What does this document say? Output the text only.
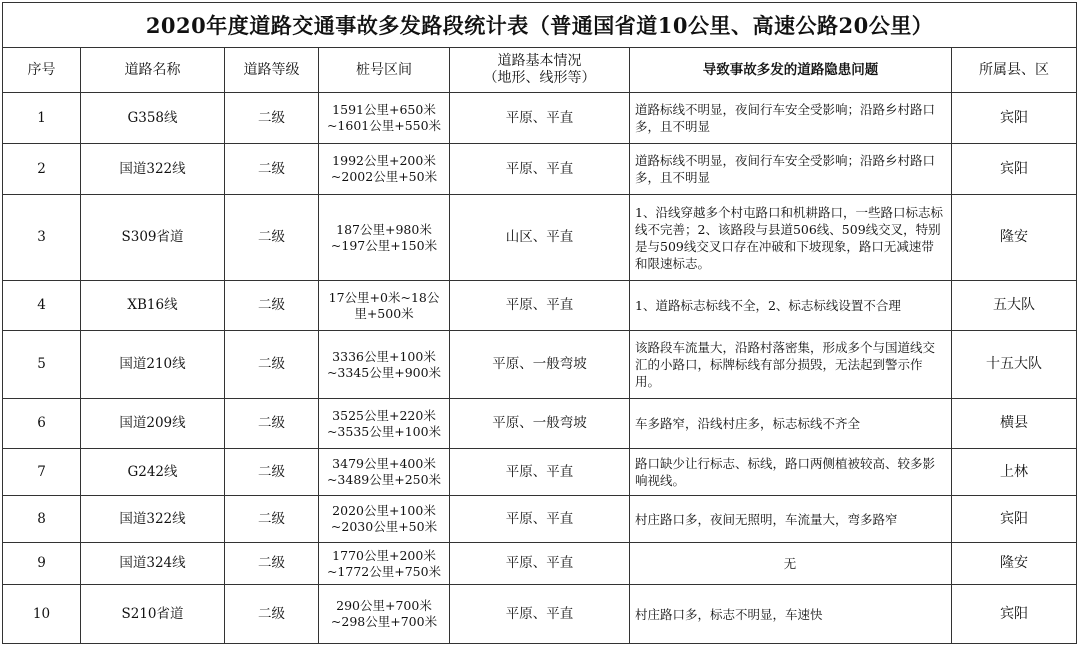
2020年度道路交通事故多发路段统计表（普通国省道10公里、高速公路20公里）						
序号	道路名称	道路等级	桩号区间	道路基本情况
（地形、线形等）	导致事故多发的道路隐患问题	所属县、区
1	G358线	二级	1591公里+650米
~1601公里+550米	平原、平直	道路标线不明显，夜间行车安全受影响；沿路乡村路口多，且不明显	宾阳
2	国道322线	二级	1992公里+200米
~2002公里+50米	平原、平直	道路标线不明显，夜间行车安全受影响；沿路乡村路口多，且不明显	宾阳
3	S309省道	二级	187公里+980米
~197公里+150米	山区、平直	1、沿线穿越多个村屯路口和机耕路口，一些路口标志标线不完善；2、该路段与县道506线、509线交叉，特别是与509线交叉口存在冲破和下坡现象，路口无减速带和限速标志。	隆安
4	XB16线	二级	17公里+0米~18公
里+500米	平原、平直	1、道路标志标线不全，2、标志标线设置不合理	五大队
5	国道210线	二级	3336公里+100米
~3345公里+900米	平原、一般弯坡	该路段车流量大，沿路村落密集，形成多个与国道线交汇的小路口，标牌标线有部分损毁，无法起到警示作用。	十五大队
6	国道209线	二级	3525公里+220米
~3535公里+100米	平原、一般弯坡	车多路窄，沿线村庄多，标志标线不齐全	横县
7	G242线	二级	3479公里+400米
~3489公里+250米	平原、平直	路口缺少让行标志、标线，路口两侧植被较高、较多影响视线。	上林
8	国道322线	二级	2020公里+100米
~2030公里+50米	平原、平直	村庄路口多，夜间无照明，车流量大，弯多路窄	宾阳
9	国道324线	二级	1770公里+200米
~1772公里+750米	平原、平直	无	隆安
10	S210省道	二级	290公里+700米
~298公里+700米	平原、平直	村庄路口多，标志不明显，车速快	宾阳
